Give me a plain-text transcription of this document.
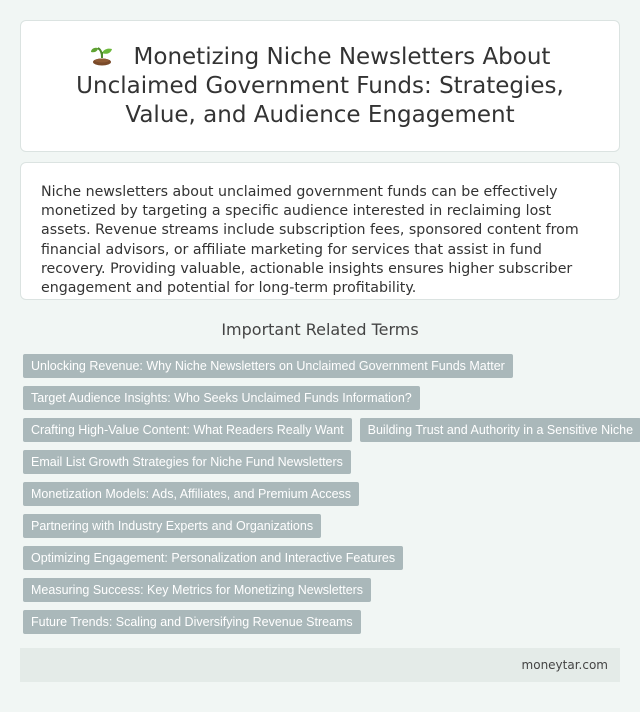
Monetizing Niche Newsletters About Unclaimed Government Funds: Strategies, Value, and Audience Engagement

Niche newsletters about unclaimed government funds can be effectively monetized by targeting a specific audience interested in reclaiming lost assets. Revenue streams include subscription fees, sponsored content from financial advisors, or affiliate marketing for services that assist in fund recovery. Providing valuable, actionable insights ensures higher subscriber engagement and potential for long-term profitability.

Important Related Terms
Unlocking Revenue: Why Niche Newsletters on Unclaimed Government Funds Matter
Target Audience Insights: Who Seeks Unclaimed Funds Information?
Crafting High-Value Content: What Readers Really Want	Building Trust and Authority in a Sensitive Niche
Email List Growth Strategies for Niche Fund Newsletters
Monetization Models: Ads, Affiliates, and Premium Access
Partnering with Industry Experts and Organizations
Optimizing Engagement: Personalization and Interactive Features
Measuring Success: Key Metrics for Monetizing Newsletters
Future Trends: Scaling and Diversifying Revenue Streams
moneytar.com
